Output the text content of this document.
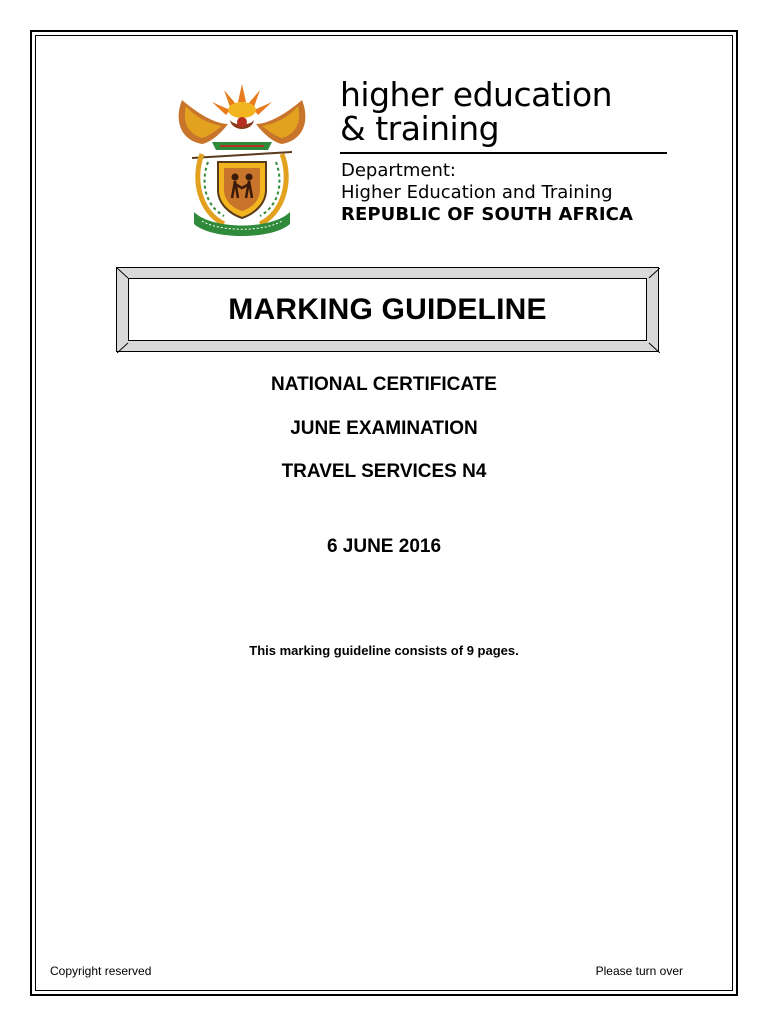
higher education
& training
Department:
Higher Education and Training
REPUBLIC OF SOUTH AFRICA
MARKING GUIDELINE
NATIONAL CERTIFICATE
JUNE EXAMINATION
TRAVEL SERVICES N4
6 JUNE 2016
This marking guideline consists of 9 pages.
Copyright reserved	Please turn over
